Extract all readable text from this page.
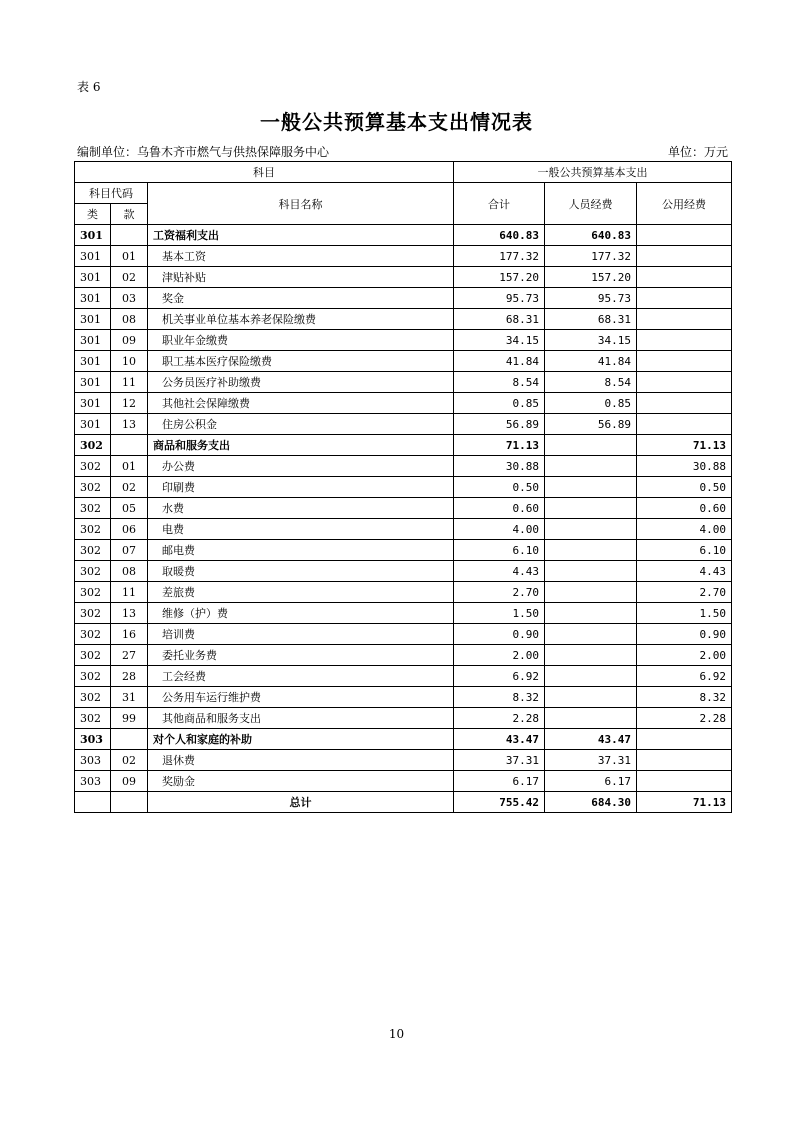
表 6
一般公共预算基本支出情况表
编制单位：乌鲁木齐市燃气与供热保障服务中心	单位：万元
科目			一般公共预算基本支出		
科目代码		科目名称	合计	人员经费	公用经费
类	款				
301		工资福利支出	640.83	640.83	
301	01	基本工资	177.32	177.32	
301	02	津贴补贴	157.20	157.20	
301	03	奖金	95.73	95.73	
301	08	机关事业单位基本养老保险缴费	68.31	68.31	
301	09	职业年金缴费	34.15	34.15	
301	10	职工基本医疗保险缴费	41.84	41.84	
301	11	公务员医疗补助缴费	8.54	8.54	
301	12	其他社会保障缴费	0.85	0.85	
301	13	住房公积金	56.89	56.89	
302		商品和服务支出	71.13		71.13
302	01	办公费	30.88		30.88
302	02	印刷费	0.50		0.50
302	05	水费	0.60		0.60
302	06	电费	4.00		4.00
302	07	邮电费	6.10		6.10
302	08	取暖费	4.43		4.43
302	11	差旅费	2.70		2.70
302	13	维修（护）费	1.50		1.50
302	16	培训费	0.90		0.90
302	27	委托业务费	2.00		2.00
302	28	工会经费	6.92		6.92
302	31	公务用车运行维护费	8.32		8.32
302	99	其他商品和服务支出	2.28		2.28
303		对个人和家庭的补助	43.47	43.47	
303	02	退休费	37.31	37.31	
303	09	奖励金	6.17	6.17	
		总计	755.42	684.30	71.13
10
